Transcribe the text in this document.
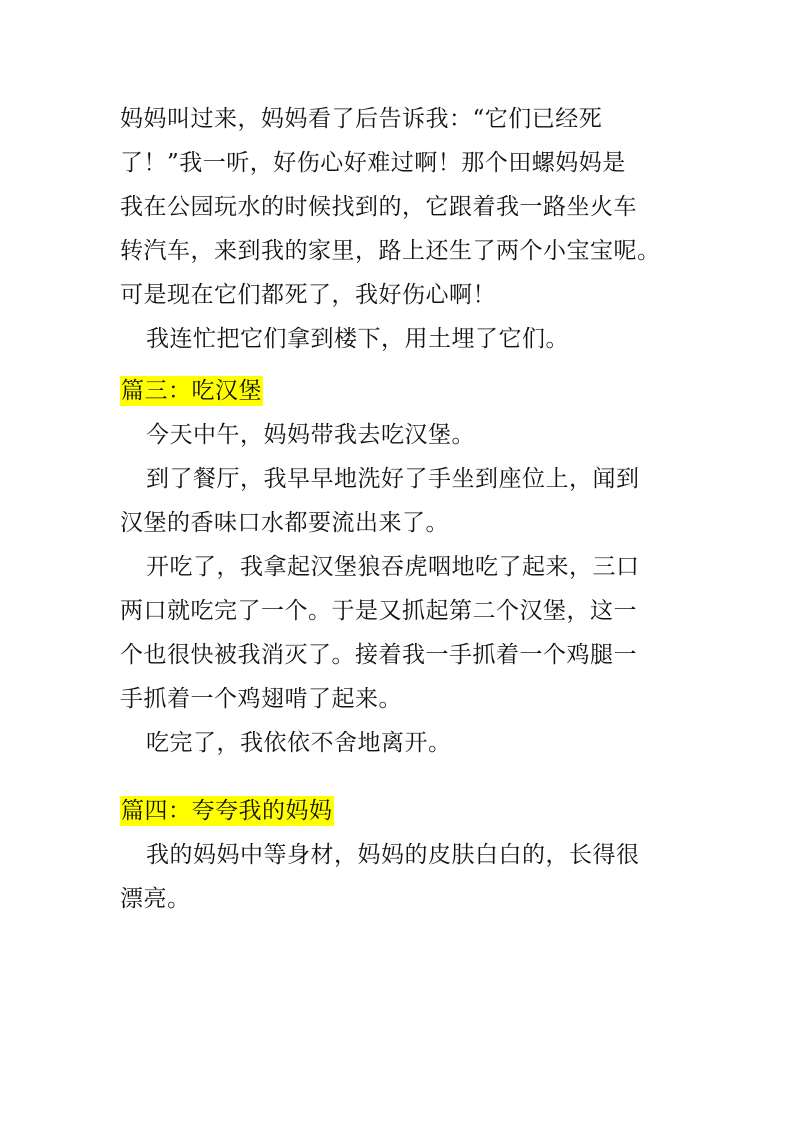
妈妈叫过来，妈妈看了后告诉我：“它们已经死
了！”我一听，好伤心好难过啊！那个田螺妈妈是
我在公园玩水的时候找到的，它跟着我一路坐火车
转汽车，来到我的家里，路上还生了两个小宝宝呢。
可是现在它们都死了，我好伤心啊！
我连忙把它们拿到楼下，用土埋了它们。
篇三：吃汉堡
今天中午，妈妈带我去吃汉堡。
到了餐厅，我早早地洗好了手坐到座位上，闻到
汉堡的香味口水都要流出来了。
开吃了，我拿起汉堡狼吞虎咽地吃了起来，三口
两口就吃完了一个。于是又抓起第二个汉堡，这一
个也很快被我消灭了。接着我一手抓着一个鸡腿一
手抓着一个鸡翅啃了起来。
吃完了，我依依不舍地离开。
篇四：夸夸我的妈妈
我的妈妈中等身材，妈妈的皮肤白白的，长得很
漂亮。
